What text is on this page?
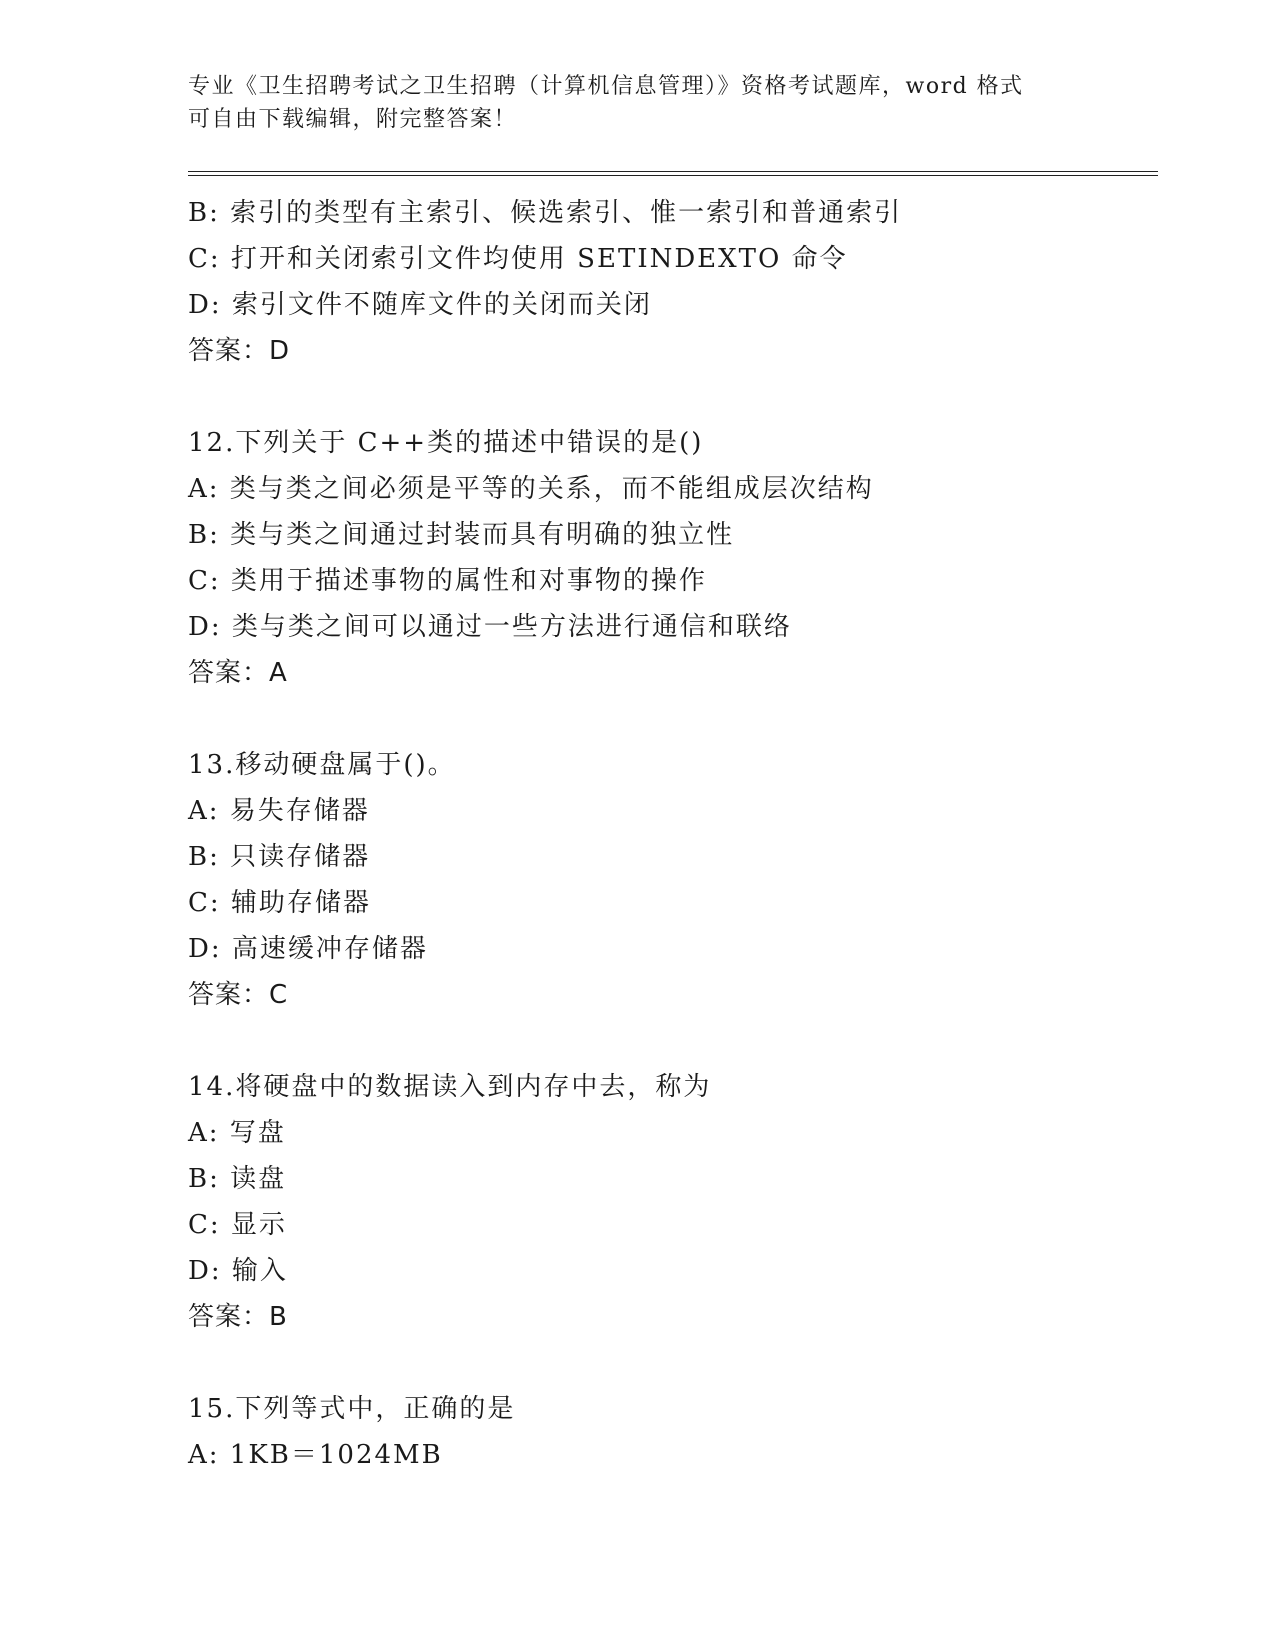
专业《卫生招聘考试之卫生招聘（计算机信息管理）》资格考试题库，word 格式
可自由下载编辑，附完整答案！
B: 索引的类型有主索引、候选索引、惟一索引和普通索引
C: 打开和关闭索引文件均使用 SETINDEXTO 命令
D: 索引文件不随库文件的关闭而关闭
答案：D
12.下列关于 C++类的描述中错误的是()
A: 类与类之间必须是平等的关系，而不能组成层次结构
B: 类与类之间通过封装而具有明确的独立性
C: 类用于描述事物的属性和对事物的操作
D: 类与类之间可以通过一些方法进行通信和联络
答案：A
13.移动硬盘属于()。
A: 易失存储器
B: 只读存储器
C: 辅助存储器
D: 高速缓冲存储器
答案：C
14.将硬盘中的数据读入到内存中去，称为
A: 写盘
B: 读盘
C: 显示
D: 输入
答案：B
15.下列等式中，正确的是
A: 1KB＝1024MB
